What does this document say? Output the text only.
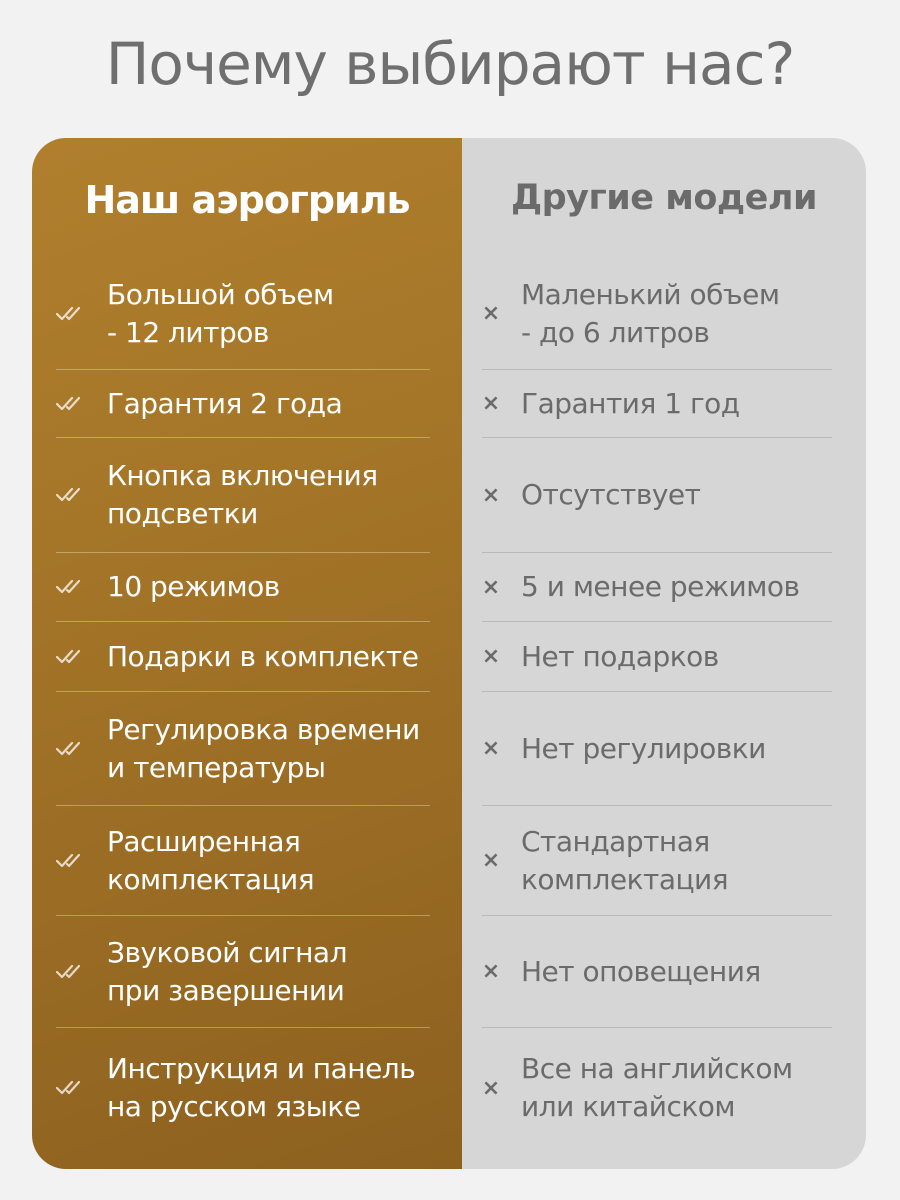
Почему выбирают нас?
Наш аэрогриль
Большой объем
- 12 литров
Гарантия 2 года
Кнопка включения
подсветки
10 режимов
Подарки в комплекте
Регулировка времени
и температуры
Расширенная
комплектация
Звуковой сигнал
при завершении
Инструкция и панель
на русском языке
Другие модели
×
Маленький объем
- до 6 литров
× Гарантия 1 год
× Отсутствует
× 5 и менее режимов
× Нет подарков
× Нет регулировки
×
Стандартная
комплектация
× Нет оповещения
×
Все на английском
или китайском
